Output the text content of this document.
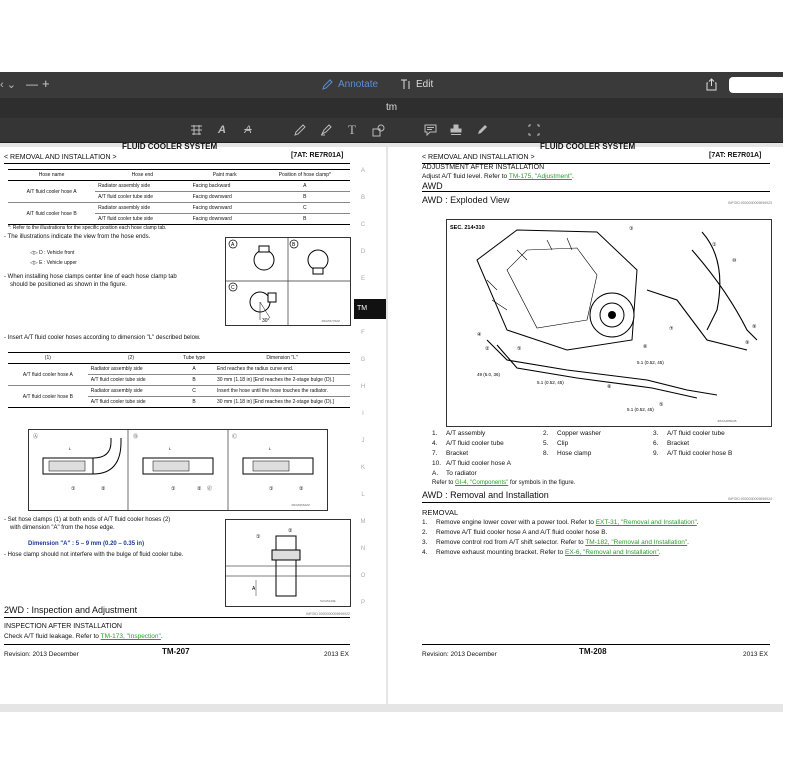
‹ ⌄ — +	Annotate	Edit
tm
A	A	T
FLUID COOLER SYSTEM
< REMOVAL AND INSTALLATION >	[7AT: RE7R01A]
Hose name	Hose end	Paint mark	Position of hose clamp*
A/T fluid cooler hose A	Radiator assembly side	Facing backward	A
	A/T fluid cooler tube side	Facing downward	B
A/T fluid cooler hose B	Radiator assembly side	Facing downward	C
	A/T fluid cooler tube side	Facing downward	B
*: Refer to the illustrations for the specific position each hose clamp tab.
- The illustrations indicate the view from the hose ends.
◁▷ D : Vehicle front
◁▷ E : Vehicle upper
- When installing hose clamps center line of each hose clamp tab
should be positioned as shown in the figure.
A	B
C
30°	JSDIA5776ZZ
- Insert A/T fluid cooler hoses according to dimension "L" described below.
(1)	(2)	Tube type	Dimension "L"
A/T fluid cooler hose A	Radiator assembly side	A	End reaches the radius curve end.
	A/T fluid cooler tube side	B	30 mm (1.18 in) [End reaches the 2-stage bulge (D).]
A/T fluid cooler hose B	Radiator assembly side	C	Insert the hose until the hose touches the radiator.
	A/T fluid cooler tube side	B	30 mm (1.18 in) [End reaches the 2-stage bulge (D).]
Ⓐ	Ⓑ	Ⓒ
L	L	L
①	②	①	② ⓓ	①	②
JSDIA5664ZZ
- Set hose clamps (1) at both ends of A/T fluid cooler hoses (2)
with dimension "A" from the hose edge.
Dimension "A" : 5 – 9 mm (0.20 – 0.35 in)
- Hose clamp should not interfere with the bulge of fluid cooler tube.
①
②
A
SCIA5133E
INFOID:0000000009696922
2WD : Inspection and Adjustment
INSPECTION AFTER INSTALLATION
Check A/T fluid leakage. Refer to TM-173, "Inspection".
Revision: 2013 December	TM-207	2013 EX
A
B
C
D
E
TM
F
G
H
I
J
K
L
M
N
O
P
FLUID COOLER SYSTEM
< REMOVAL AND INSTALLATION >	[7AT: RE7R01A]
ADJUSTMENT AFTER INSTALLATION
Adjust A/T fluid level. Refer to TM-175, "Adjustment".
AWD
AWD : Exploded View	INFOID:0000000009696923
SEC. 214•310
①
⑩
⑨
⑨
③
⑦
⑥
④
②	⑤
⑧
⑤
5.1 (0.52, 45)
49 (5.0, 36)
5.1 (0.52, 45)
5.1 (0.52, 45)
JPDIA4850GB
1. A/T assembly	2. Copper washer	3. A/T fluid cooler tube
4. A/T fluid cooler tube	5. Clip	6. Bracket
7. Bracket	8. Hose clamp	9. A/T fluid cooler hose B
10. A/T fluid cooler hose A
A. To radiator
Refer to GI-4, "Components" for symbols in the figure.
AWD : Removal and Installation	INFOID:0000000009696924
REMOVAL
1. Remove engine lower cover with a power tool. Refer to EXT-31, "Removal and Installation".
2. Remove A/T fluid cooler hose A and A/T fluid cooler hose B.
3. Remove control rod from A/T shift selector. Refer to TM-182, "Removal and Installation".
4. Remove exhaust mounting bracket. Refer to EX-6, "Removal and Installation".
Revision: 2013 December	TM-208	2013 EX
